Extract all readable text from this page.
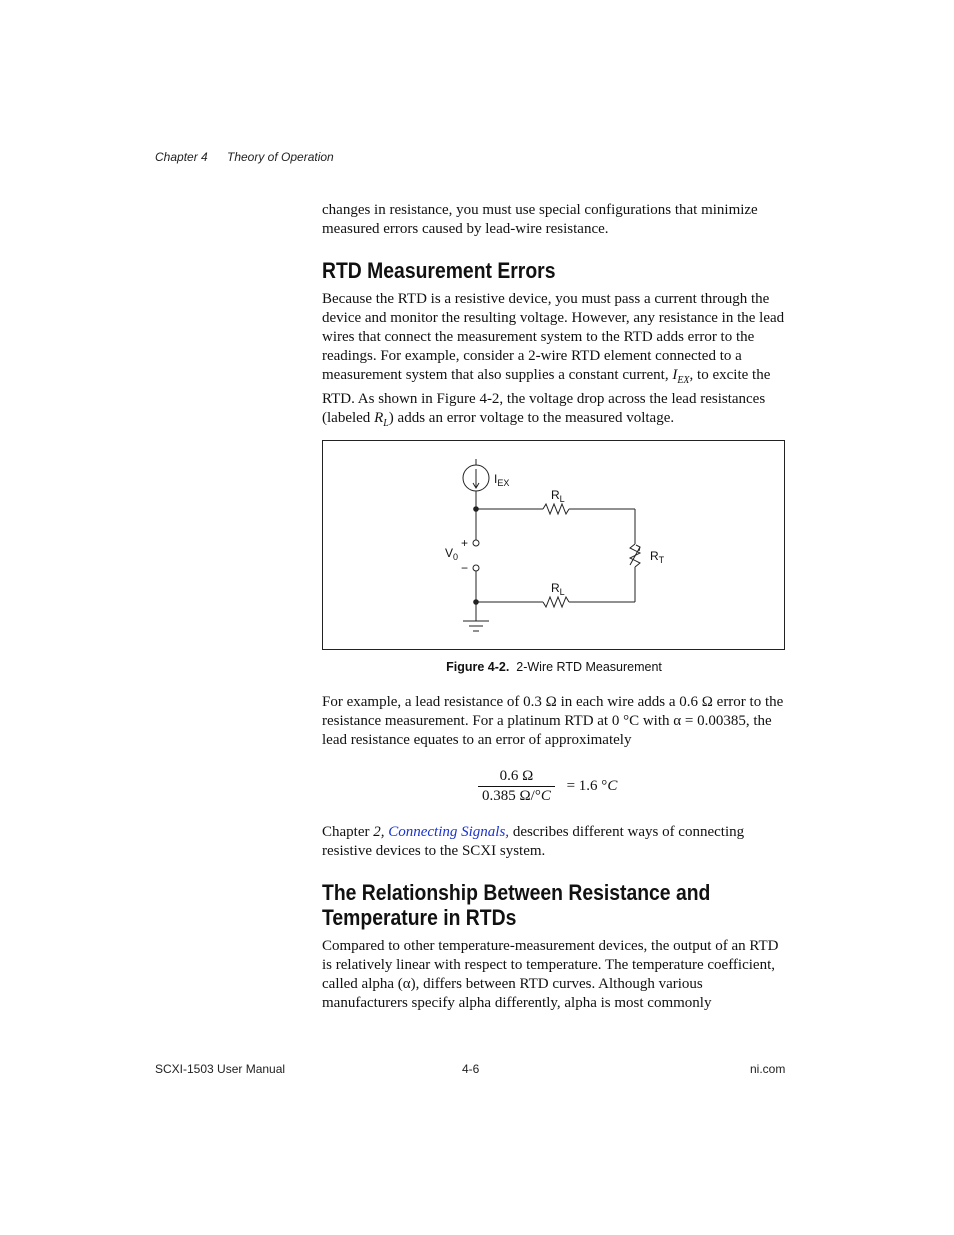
Chapter 4 Theory of Operation
changes in resistance, you must use special configurations that minimize
measured errors caused by lead-wire resistance.
RTD Measurement Errors

Because the RTD is a resistive device, you must pass a current through the device and monitor the resulting voltage. However, any resistance in the lead wires that connect the measurement system to the RTD adds error to the readings. For example, consider a 2-wire RTD element connected to a measurement system that also supplies a constant current, $I_{EX}$, to excite the RTD. As shown in Figure 4-2, the voltage drop across the lead resistances (labeled $R_L$) adds an error voltage to the measured voltage.

$I_{EX}$
$R_L$
$R_L$
$R_T$
$V_0$
+
−
Figure 4-2. 2-Wire RTD Measurement

For example, a lead resistance of 0.3 Ω in each wire adds a 0.6 Ω error to the resistance measurement. For a platinum RTD at 0 °C with α = 0.00385, the lead resistance equates to an error of approximately

$\frac{0.6 \Omega}{0.385 \Omega/^\circ C} = 1.6$ °C

Chapter 2, Connecting Signals, describes different ways of connecting resistive devices to the SCXI system.

The Relationship Between Resistance and
Temperature in RTDs

Compared to other temperature-measurement devices, the output of an RTD is relatively linear with respect to temperature. The temperature coefficient, called alpha (α), differs between RTD curves. Although various manufacturers specify alpha differently, alpha is most commonly

SCXI-1503 User Manual	4-6	ni.com
